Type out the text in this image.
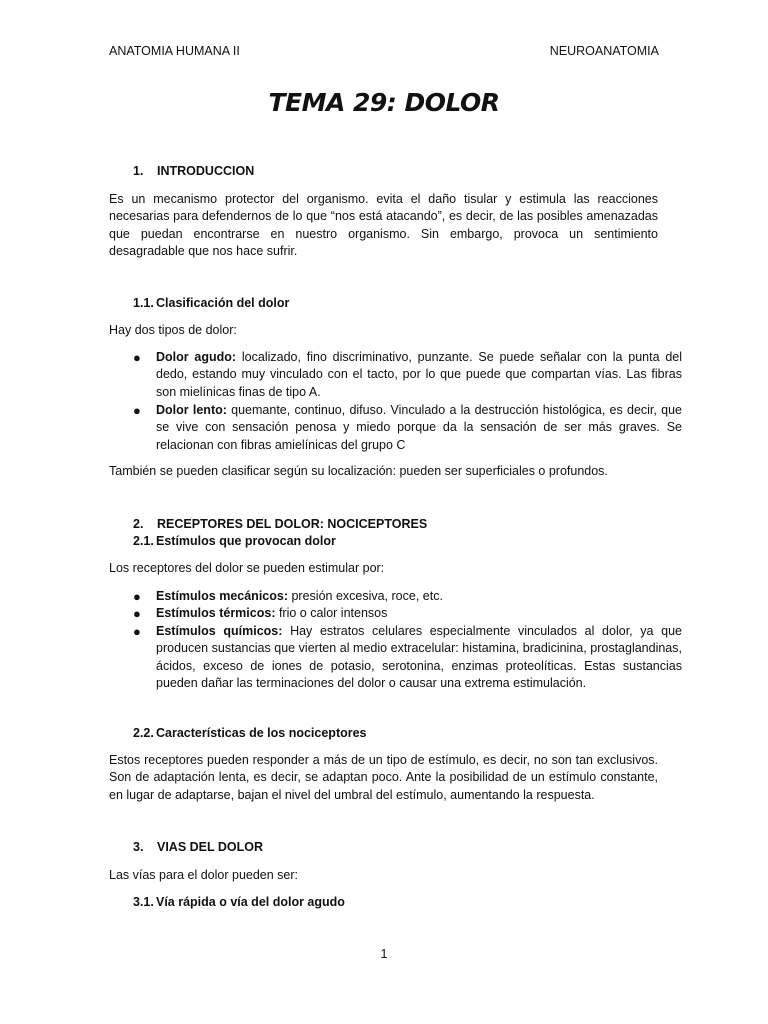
ANATOMIA HUMANA II	NEUROANATOMIA
TEMA 29: DOLOR
1. INTRODUCCION

Es un mecanismo protector del organismo. evita el daño tisular y estimula las reacciones necesarias para defendernos de lo que “nos está atacando”, es decir, de las posibles amenazadas que puedan encontrarse en nuestro organismo. Sin embargo, provoca un sentimiento desagradable que nos hace sufrir.

1.1. Clasificación del dolor

Hay dos tipos de dolor:

● Dolor agudo: localizado, fino discriminativo, punzante. Se puede señalar con la punta del dedo, estando muy vinculado con el tacto, por lo que puede que compartan vías. Las fibras son mielínicas finas de tipo A.
● Dolor lento: quemante, continuo, difuso. Vinculado a la destrucción histológica, es decir, que se vive con sensación penosa y miedo porque da la sensación de ser más graves. Se relacionan con fibras amielínicas del grupo C

También se pueden clasificar según su localización: pueden ser superficiales o profundos.

2. RECEPTORES DEL DOLOR: NOCICEPTORES
2.1. Estímulos que provocan dolor

Los receptores del dolor se pueden estimular por:

● Estímulos mecánicos: presión excesiva, roce, etc.
● Estímulos térmicos: frio o calor intensos
● Estímulos químicos: Hay estratos celulares especialmente vinculados al dolor, ya que producen sustancias que vierten al medio extracelular: histamina, bradicinina, prostaglandinas, ácidos, exceso de iones de potasio, serotonina, enzimas proteolíticas. Estas sustancias pueden dañar las terminaciones del dolor o causar una extrema estimulación.
2.2. Características de los nociceptores

Estos receptores pueden responder a más de un tipo de estímulo, es decir, no son tan exclusivos. Son de adaptación lenta, es decir, se adaptan poco. Ante la posibilidad de un estímulo constante, en lugar de adaptarse, bajan el nivel del umbral del estímulo, aumentando la respuesta.

3. VIAS DEL DOLOR

Las vías para el dolor pueden ser:

3.1. Vía rápida o vía del dolor agudo
1
